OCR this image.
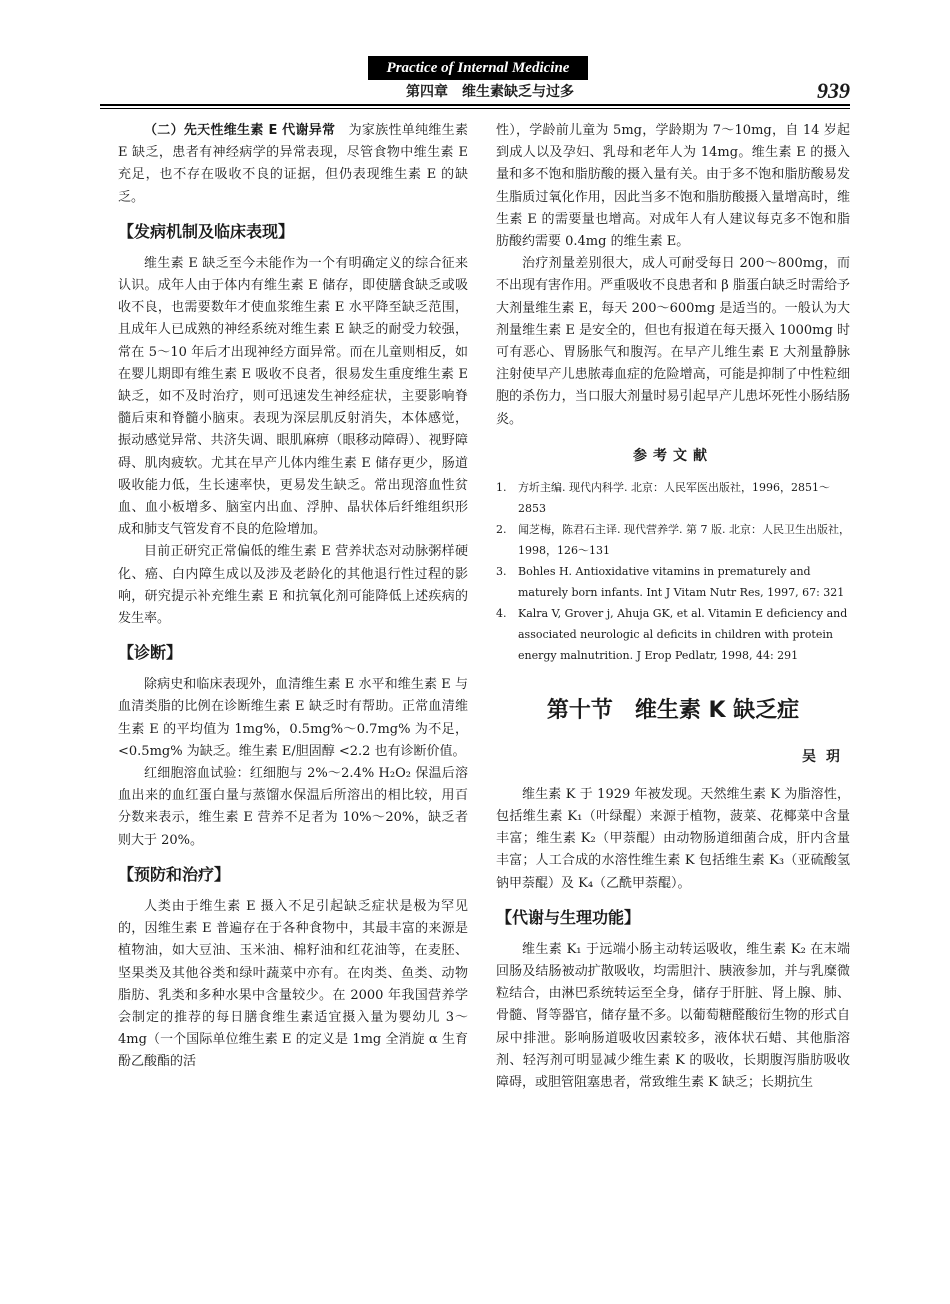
Practice of Internal Medicine
第四章　维生素缺乏与过多	939

（二）先天性维生素 E 代谢异常　 为家族性单纯维生素 E 缺乏，患者有神经病学的异常表现，尽管食物中维生素 E 充足，也不存在吸收不良的证据，但仍表现维生素 E 的缺乏。

【发病机制及临床表现】

维生素 E 缺乏至今未能作为一个有明确定义的综合征来认识。成年人由于体内有维生素 E 储存，即使膳食缺乏或吸收不良，也需要数年才使血浆维生素 E 水平降至缺乏范围，且成年人已成熟的神经系统对维生素 E 缺乏的耐受力较强，常在 5～10 年后才出现神经方面异常。而在儿童则相反，如在婴儿期即有维生素 E 吸收不良者，很易发生重度维生素 E 缺乏，如不及时治疗，则可迅速发生神经症状，主要影响脊髓后束和脊髓小脑束。表现为深层肌反射消失，本体感觉，振动感觉异常、共济失调、眼肌麻痹（眼移动障碍）、视野障碍、肌肉疲软。尤其在早产儿体内维生素 E 储存更少，肠道吸收能力低，生长速率快，更易发生缺乏。常出现溶血性贫血、血小板增多、脑室内出血、浮肿、晶状体后纤维组织形成和肺支气管发育不良的危险增加。

目前正研究正常偏低的维生素 E 营养状态对动脉粥样硬化、癌、白内障生成以及涉及老龄化的其他退行性过程的影响，研究提示补充维生素 E 和抗氧化剂可能降低上述疾病的发生率。

【诊断】

除病史和临床表现外，血清维生素 E 水平和维生素 E 与血清类脂的比例在诊断维生素 E 缺乏时有帮助。正常血清维生素 E 的平均值为 1mg%，0.5mg%～0.7mg% 为不足，<0.5mg% 为缺乏。维生素 E/胆固醇 <2.2 也有诊断价值。

红细胞溶血试验：红细胞与 2%～2.4% H₂O₂ 保温后溶血出来的血红蛋白量与蒸馏水保温后所溶出的相比较，用百分数来表示，维生素 E 营养不足者为 10%～20%，缺乏者则大于 20%。

【预防和治疗】

人类由于维生素 E 摄入不足引起缺乏症状是极为罕见的，因维生素 E 普遍存在于各种食物中，其最丰富的来源是植物油，如大豆油、玉米油、棉籽油和红花油等，在麦胚、坚果类及其他谷类和绿叶蔬菜中亦有。在肉类、鱼类、动物脂肪、乳类和多种水果中含量较少。在 2000 年我国营养学会制定的推荐的每日膳食维生素适宜摄入量为婴幼儿 3～4mg（一个国际单位维生素 E 的定义是 1mg 全消旋 α 生育酚乙酸酯的活

性），学龄前儿童为 5mg，学龄期为 7～10mg，自 14 岁起到成人以及孕妇、乳母和老年人为 14mg。维生素 E 的摄入量和多不饱和脂肪酸的摄入量有关。由于多不饱和脂肪酸易发生脂质过氧化作用，因此当多不饱和脂肪酸摄入量增高时，维生素 E 的需要量也增高。对成年人有人建议每克多不饱和脂肪酸约需要 0.4mg 的维生素 E。

治疗剂量差别很大，成人可耐受每日 200～800mg，而不出现有害作用。严重吸收不良患者和 β 脂蛋白缺乏时需给予大剂量维生素 E，每天 200～600mg 是适当的。一般认为大剂量维生素 E 是安全的，但也有报道在每天摄入 1000mg 时可有恶心、胃肠胀气和腹泻。在早产儿维生素 E 大剂量静脉注射使早产儿患脓毒血症的危险增高，可能是抑制了中性粒细胞的杀伤力，当口服大剂量时易引起早产儿患坏死性小肠结肠炎。

参考文献
1. 方圻主编. 现代内科学. 北京：人民军医出版社，1996，2851～2853
2. 闻芝梅，陈君石主译. 现代营养学. 第 7 版. 北京：人民卫生出版社，1998，126～131
3. Bohles H. Antioxidative vitamins in prematurely and maturely born infants. Int J Vitam Nutr Res, 1997, 67: 321
4. Kalra V, Grover j, Ahuja GK, et al. Vitamin E deficiency and associated neurologic al deficits in children with protein energy malnutrition. J Erop Pedlatr, 1998, 44: 291
第十节　维生素 K 缺乏症
吴玥

维生素 K 于 1929 年被发现。天然维生素 K 为脂溶性，包括维生素 K₁（叶绿醌）来源于植物，菠菜、花椰菜中含量丰富；维生素 K₂（甲萘醌）由动物肠道细菌合成，肝内含量丰富；人工合成的水溶性维生素 K 包括维生素 K₃（亚硫酸氢钠甲萘醌）及 K₄（乙酰甲萘醌）。

【代谢与生理功能】

维生素 K₁ 于远端小肠主动转运吸收，维生素 K₂ 在末端回肠及结肠被动扩散吸收，均需胆汁、胰液参加，并与乳糜微粒结合，由淋巴系统转运至全身，储存于肝脏、肾上腺、肺、骨髓、肾等器官，储存量不多。以葡萄糖醛酸衍生物的形式自尿中排泄。影响肠道吸收因素较多，液体状石蜡、其他脂溶剂、轻泻剂可明显减少维生素 K 的吸收，长期腹泻脂肪吸收障碍，或胆管阻塞患者，常致维生素 K 缺乏；长期抗生
